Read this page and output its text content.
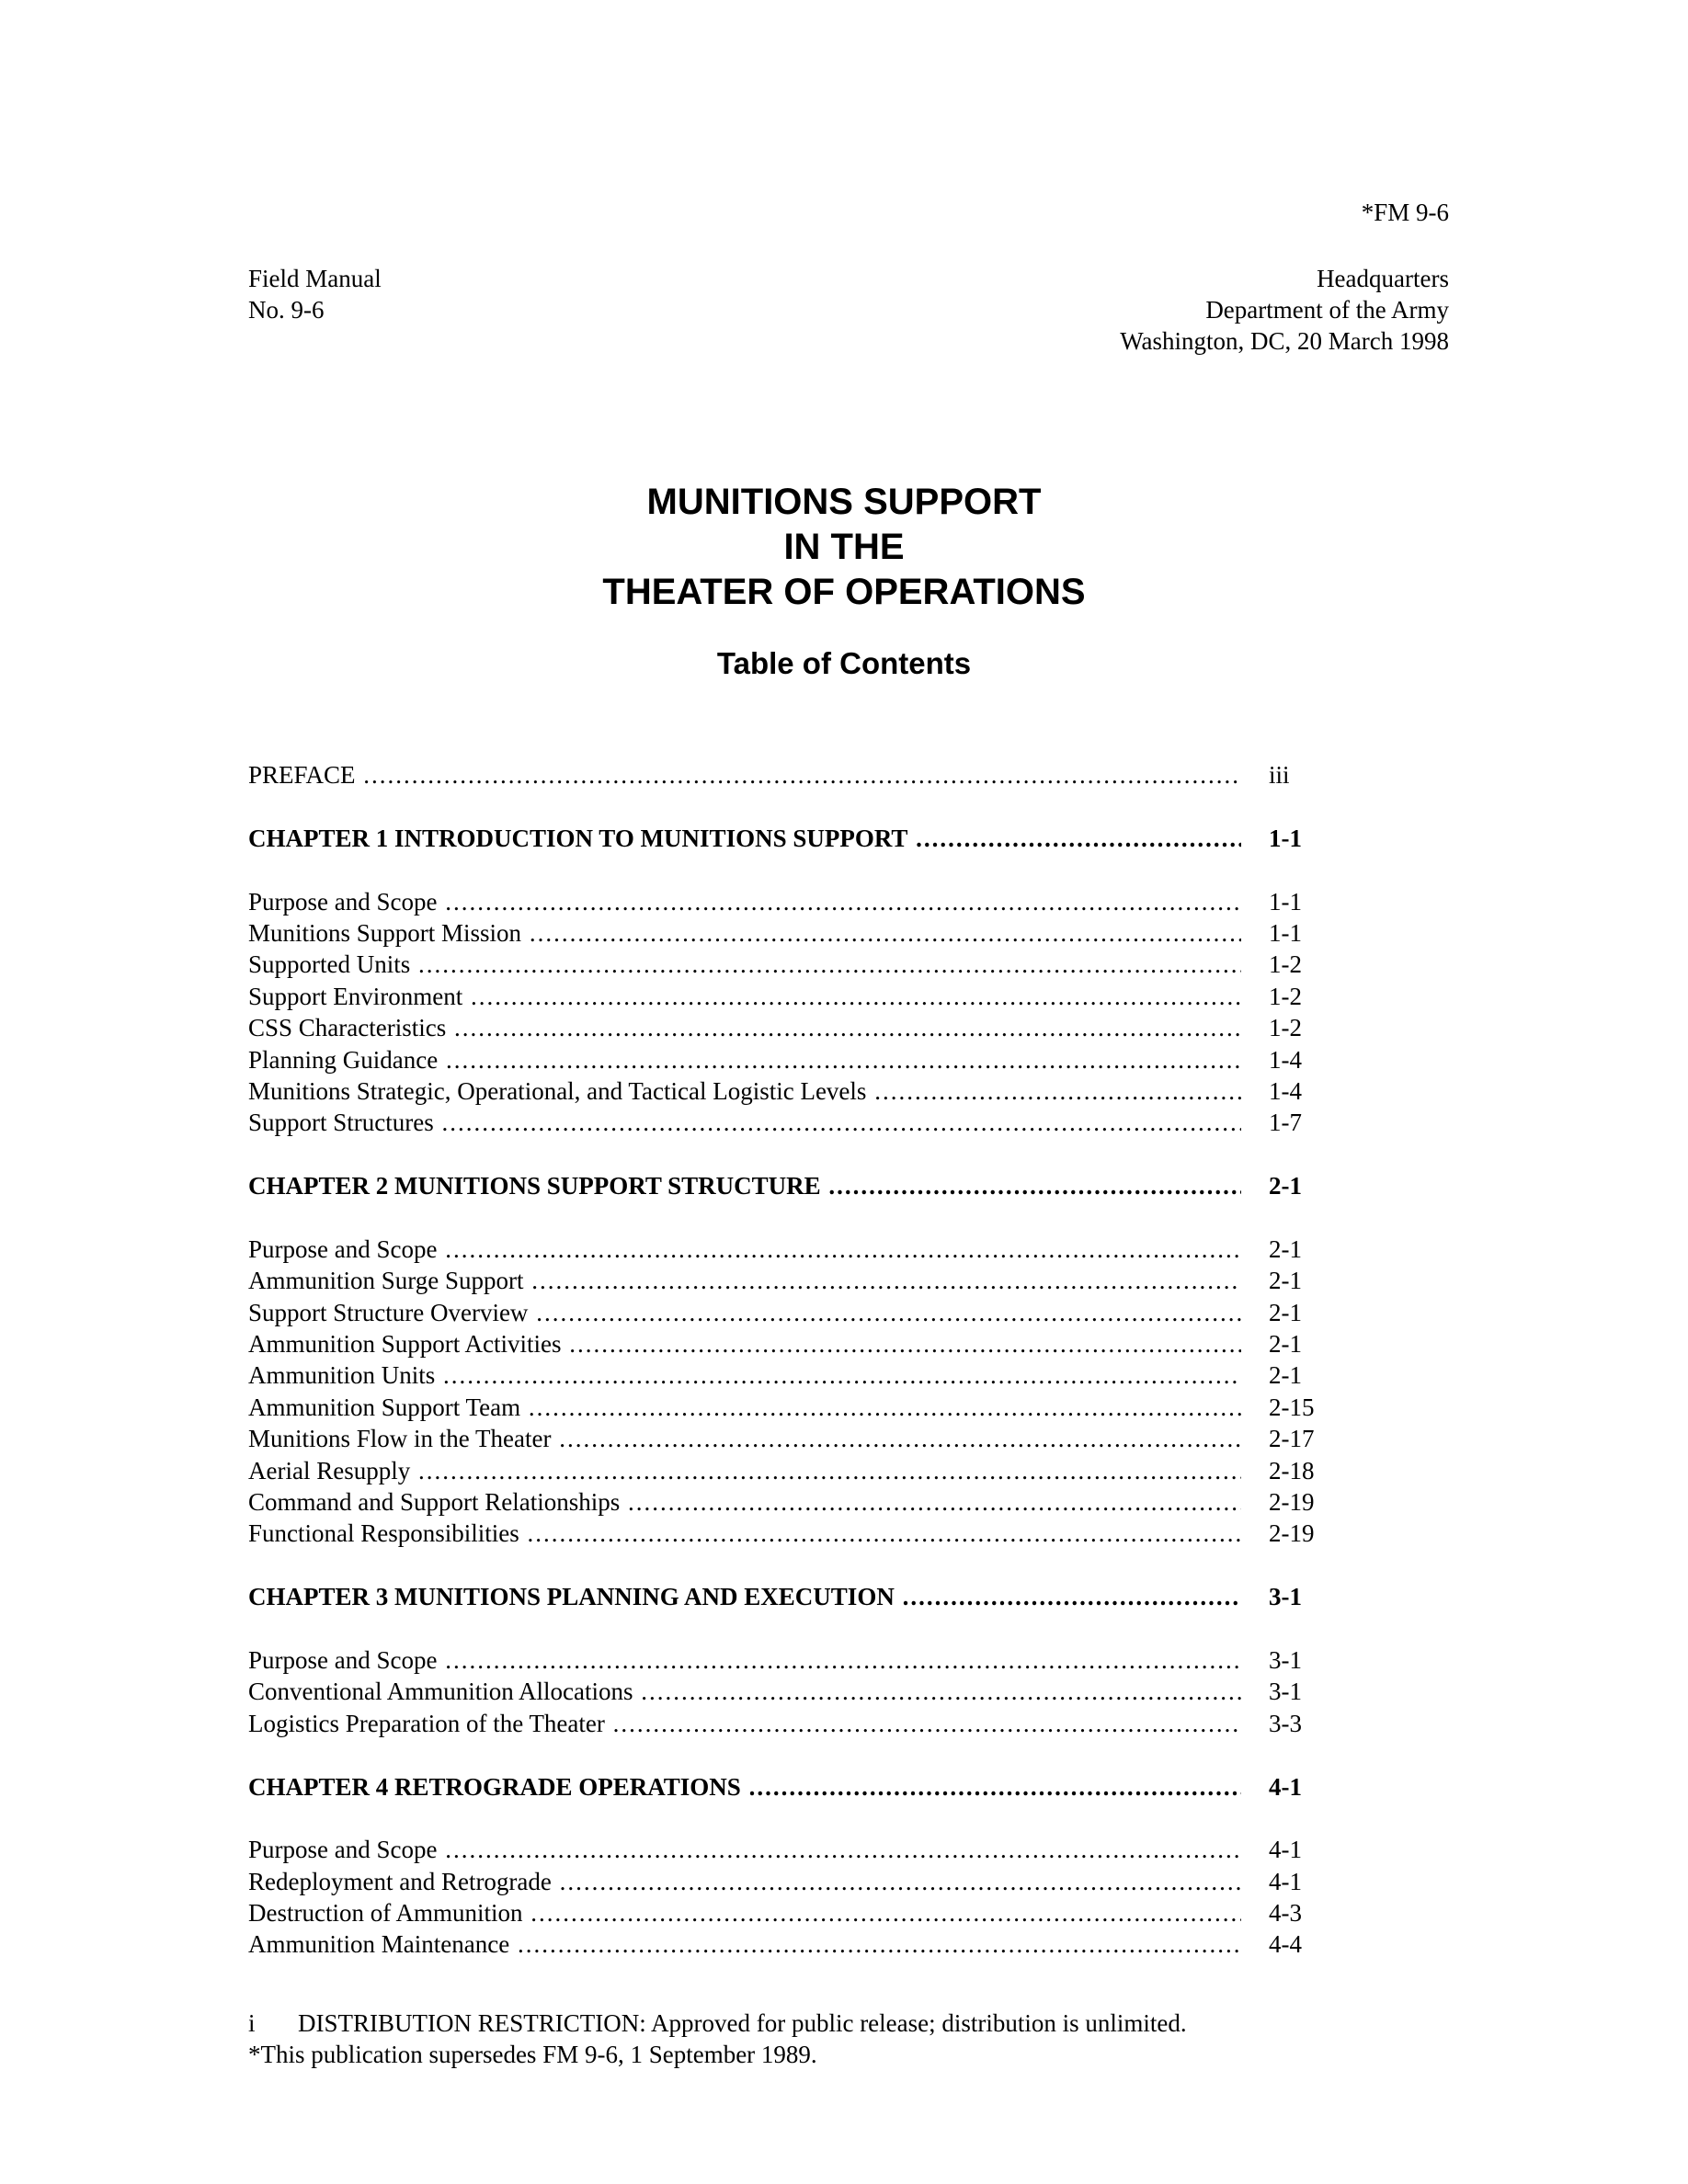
*FM 9-6
Field Manual
No. 9-6
Headquarters
Department of the Army
Washington, DC, 20 March 1998
MUNITIONS SUPPORT
IN THE
THEATER OF OPERATIONS
Table of Contents
PREFACE .....	iii
CHAPTER 1 INTRODUCTION TO MUNITIONS SUPPORT .....	1-1
Purpose and Scope .....	1-1
Munitions Support Mission .....	1-1
Supported Units .....	1-2
Support Environment .....	1-2
CSS Characteristics .....	1-2
Planning Guidance .....	1-4
Munitions Strategic, Operational, and Tactical Logistic Levels .....	1-4
Support Structures .....	1-7
CHAPTER 2 MUNITIONS SUPPORT STRUCTURE .....	2-1
Purpose and Scope .....	2-1
Ammunition Surge Support .....	2-1
Support Structure Overview .....	2-1
Ammunition Support Activities .....	2-1
Ammunition Units .....	2-1
Ammunition Support Team .....	2-15
Munitions Flow in the Theater .....	2-17
Aerial Resupply .....	2-18
Command and Support Relationships .....	2-19
Functional Responsibilities .....	2-19
CHAPTER 3 MUNITIONS PLANNING AND EXECUTION .....	3-1
Purpose and Scope .....	3-1
Conventional Ammunition Allocations .....	3-1
Logistics Preparation of the Theater .....	3-3
CHAPTER 4 RETROGRADE OPERATIONS .....	4-1
Purpose and Scope .....	4-1
Redeployment and Retrograde .....	4-1
Destruction of Ammunition .....	4-3
Ammunition Maintenance .....	4-4
i DISTRIBUTION RESTRICTION: Approved for public release; distribution is unlimited.
*This publication supersedes FM 9-6, 1 September 1989.
